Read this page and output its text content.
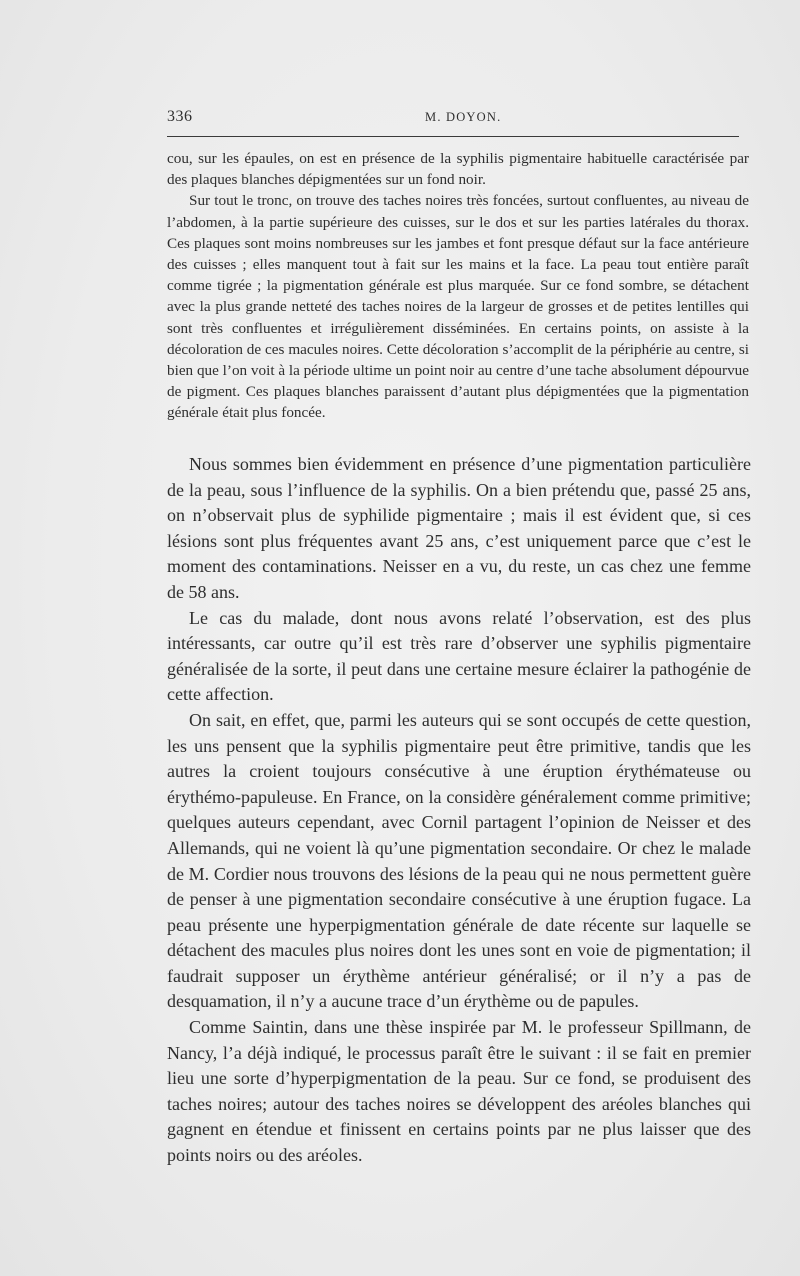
336	M. DOYON.

cou, sur les épaules, on est en présence de la syphilis pigmentaire habituelle caractérisée par des plaques blanches dépigmentées sur un fond noir.

Sur tout le tronc, on trouve des taches noires très foncées, surtout confluentes, au niveau de l’abdomen, à la partie supérieure des cuisses, sur le dos et sur les parties latérales du thorax. Ces plaques sont moins nombreuses sur les jambes et font presque défaut sur la face antérieure des cuisses ; elles manquent tout à fait sur les mains et la face. La peau tout entière paraît comme tigrée ; la pigmentation générale est plus marquée. Sur ce fond sombre, se détachent avec la plus grande netteté des taches noires de la largeur de grosses et de petites lentilles qui sont très confluentes et irrégulièrement disséminées. En certains points, on assiste à la décoloration de ces macules noires. Cette décoloration s’accomplit de la périphérie au centre, si bien que l’on voit à la période ultime un point noir au centre d’une tache absolument dépourvue de pigment. Ces plaques blanches paraissent d’autant plus dépigmentées que la pigmentation générale était plus foncée.

Nous sommes bien évidemment en présence d’une pigmentation particulière de la peau, sous l’influence de la syphilis. On a bien prétendu que, passé 25 ans, on n’observait plus de syphilide pigmentaire ; mais il est évident que, si ces lésions sont plus fréquentes avant 25 ans, c’est uniquement parce que c’est le moment des contaminations. Neisser en a vu, du reste, un cas chez une femme de 58 ans.

Le cas du malade, dont nous avons relaté l’observation, est des plus intéressants, car outre qu’il est très rare d’observer une syphilis pigmentaire généralisée de la sorte, il peut dans une certaine mesure éclairer la pathogénie de cette affection.

On sait, en effet, que, parmi les auteurs qui se sont occupés de cette question, les uns pensent que la syphilis pigmentaire peut être primitive, tandis que les autres la croient toujours consécutive à une éruption érythémateuse ou érythémo-papuleuse. En France, on la considère généralement comme primitive; quelques auteurs cependant, avec Cornil partagent l’opinion de Neisser et des Allemands, qui ne voient là qu’une pigmentation secondaire. Or chez le malade de M. Cordier nous trouvons des lésions de la peau qui ne nous permettent guère de penser à une pigmentation secondaire consécutive à une éruption fugace. La peau présente une hyperpigmentation générale de date récente sur laquelle se détachent des macules plus noires dont les unes sont en voie de pigmentation; il faudrait supposer un érythème antérieur généralisé; or il n’y a pas de desquamation, il n’y a aucune trace d’un érythème ou de papules.

Comme Saintin, dans une thèse inspirée par M. le professeur Spillmann, de Nancy, l’a déjà indiqué, le processus paraît être le suivant : il se fait en premier lieu une sorte d’hyperpigmentation de la peau. Sur ce fond, se produisent des taches noires; autour des taches noires se développent des aréoles blanches qui gagnent en étendue et finissent en certains points par ne plus laisser que des points noirs ou des aréoles.
